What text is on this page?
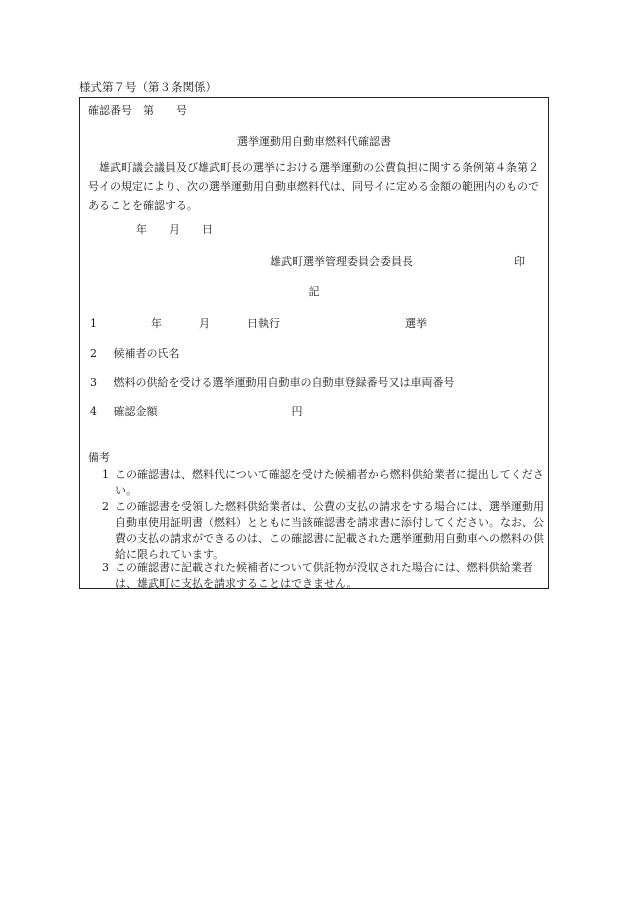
様式第７号（第３条関係）
確認番号　第　　号
選挙運動用自動車燃料代確認書
雄武町議会議員及び雄武町長の選挙における選挙運動の公費負担に関する条例第４条第２号イの規定により、次の選挙運動用自動車燃料代は、同号イに定める金額の範囲内のものであることを確認する。
年 月 日
雄武町選挙管理委員会委員長	印
記
1	年	月	日執行	選挙
2 候補者の氏名
3 燃料の供給を受ける選挙運動用自動車の自動車登録番号又は車両番号
4 確認金額	円
備考
1 この確認書は、燃料代について確認を受けた候補者から燃料供給業者に提出してください。
2 この確認書を受領した燃料供給業者は、公費の支払の請求をする場合には、選挙運動用自動車使用証明書（燃料）とともに当該確認書を請求書に添付してください。なお、公費の支払の請求ができるのは、この確認書に記載された選挙運動用自動車への燃料の供給に限られています。
3 この確認書に記載された候補者について供託物が没収された場合には、燃料供給業者は、雄武町に支払を請求することはできません。
